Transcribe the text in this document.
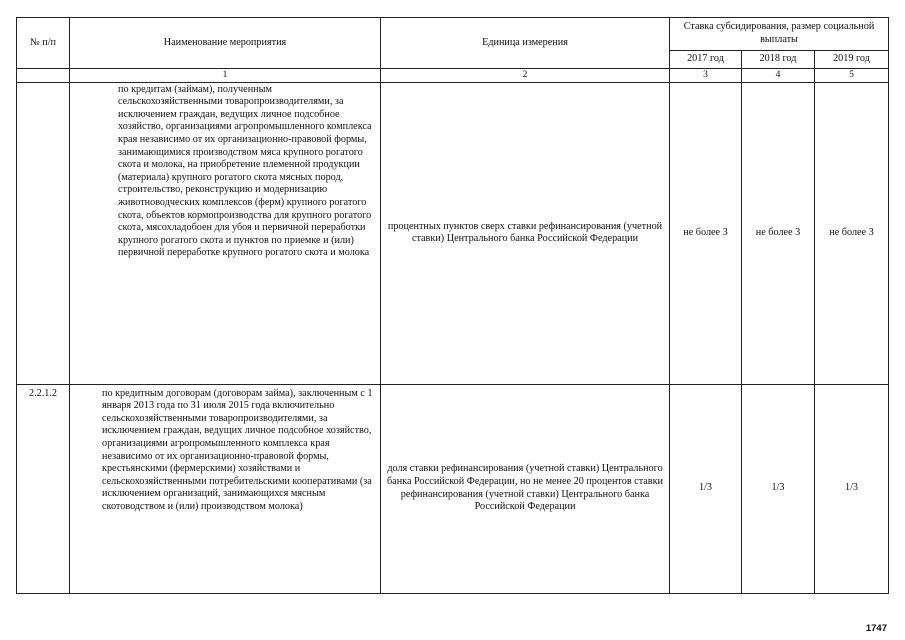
№ п/п	Наименование мероприятия	Единица измерения	Ставка субсидирования, размер социальной выплаты		
			2017 год	2018 год	2019 год
	1	2	3	4	5

	по кредитам (займам), полученным сельскохозяйственными товаропроизводителями, за исключением граждан, ведущих личное подсобное хозяйство, организациями агропромышленного комплекса края независимо от их организационно-правовой формы, занимающимися производством мяса крупного рогатого скота и молока, на приобретение племенной продукции (материала) крупного рогатого скота мясных пород, строительство, реконструкцию и модернизацию животноводческих комплексов (ферм) крупного рогатого скота, объектов кормопроизводства для крупного рогатого скота, мясохладобоен для убоя и первичной переработки крупного рогатого скота и пунктов по приемке и (или) первичной переработке крупного рогатого скота и молока	процентных пунктов сверх ставки рефинансирования (учетной ставки) Центрального банка Российской Федерации	не более 3	не более 3	не более 3
2.2.1.2	по кредитным договорам (договорам займа), заключенным с 1 января 2013 года по 31 июля 2015 года включительно сельскохозяйственными товаропроизводителями, за исключением граждан, ведущих личное подсобное хозяйство, организациями агропромышленного комплекса края независимо от их организационно-правовой формы, крестьянскими (фермерскими) хозяйствами и сельскохозяйственными потребительскими кооперативами (за исключением организаций, занимающихся мясным скотоводством и (или) производством молока)	доля ставки рефинансирования (учетной ставки) Центрального банка Российской Федерации, но не менее 20 процентов ставки рефинансирования (учетной ставки) Центрального банка Российской Федерации	1/3	1/3	1/3
1747
